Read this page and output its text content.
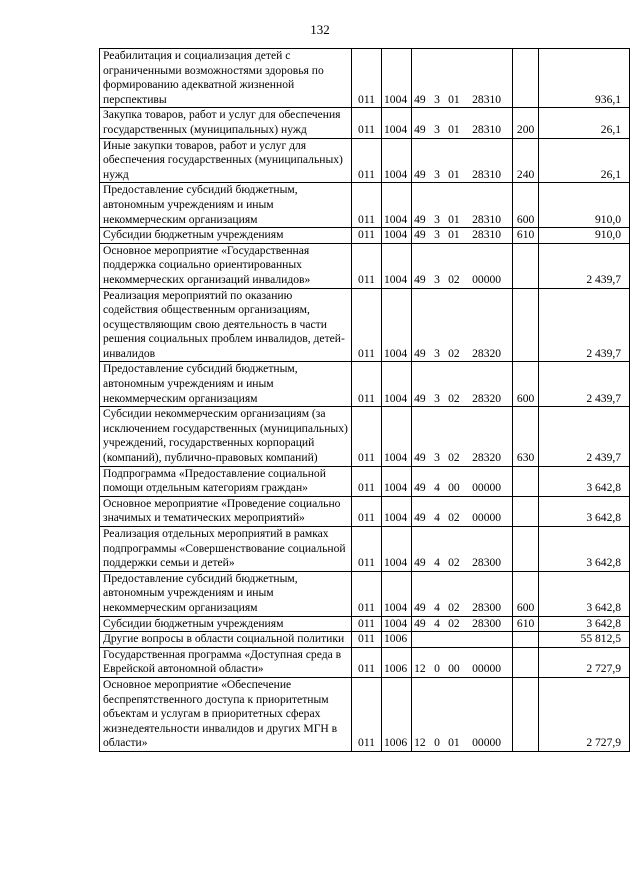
132
Реабилитация и социализация детей с ограниченными возможностями здоровья по формированию адекватной жизненной перспективы	011	10	04	49 3 01 28310		936,1
Закупка товаров, работ и услуг для обеспечения государственных (муниципальных) нужд	011	10	04	49 3 01 28310	200	26,1
Иные закупки товаров, работ и услуг для обеспечения государственных (муниципальных) нужд	011	10	04	49 3 01 28310	240	26,1
Предоставление субсидий бюджетным, автономным учреждениям и иным некоммерческим организациям	011	10	04	49 3 01 28310	600	910,0
Субсидии бюджетным учреждениям	011	10	04	49 3 01 28310	610	910,0
Основное мероприятие «Государственная поддержка социально ориентированных некоммерческих организаций инвалидов»	011	10	04	49 3 02 00000		2 439,7
Реализация мероприятий по оказанию содействия общественным организациям, осуществляющим свою деятельность в части решения социальных проблем инвалидов, детей-инвалидов	011	10	04	49 3 02 28320		2 439,7
Предоставление субсидий бюджетным, автономным учреждениям и иным некоммерческим организациям	011	10	04	49 3 02 28320	600	2 439,7
Субсидии некоммерческим организациям (за исключением государственных (муниципальных) учреждений, государственных корпораций (компаний), публично-правовых компаний)	011	10	04	49 3 02 28320	630	2 439,7
Подпрограмма «Предоставление социальной помощи отдельным категориям граждан»	011	10	04	49 4 00 00000		3 642,8
Основное мероприятие «Проведение социально значимых и тематических мероприятий»	011	10	04	49 4 02 00000		3 642,8
Реализация отдельных мероприятий в рамках подпрограммы «Совершенствование социальной поддержки семьи и детей»	011	10	04	49 4 02 28300		3 642,8
Предоставление субсидий бюджетным, автономным учреждениям и иным некоммерческим организациям	011	10	04	49 4 02 28300	600	3 642,8
Субсидии бюджетным учреждениям	011	10	04	49 4 02 28300	610	3 642,8
Другие вопросы в области социальной политики	011	10	06			55 812,5
Государственная программа «Доступная среда в Еврейской автономной области»	011	10	06	12 0 00 00000		2 727,9
Основное мероприятие «Обеспечение беспрепятственного доступа к приоритетным объектам и услугам в приоритетных сферах жизнедеятельности инвалидов и других МГН в области»	011	10	06	12 0 01 00000		2 727,9
